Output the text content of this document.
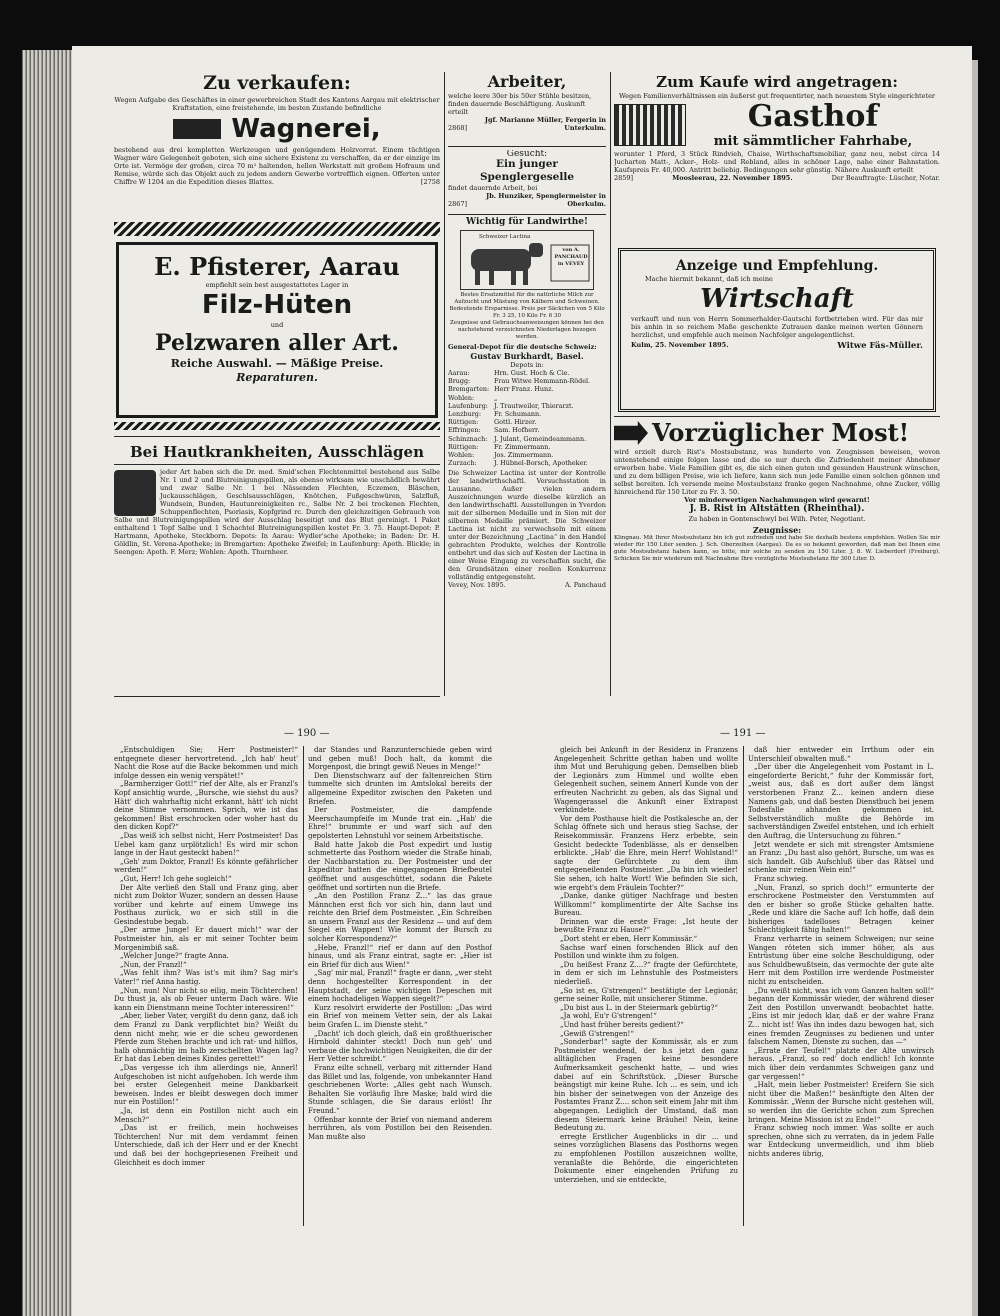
Zu verkaufen:
Wegen Aufgabe des Geschäftes in einer gewerbreichen Stadt des Kantons Aargau mit elektrischer Kraftstation, eine freistehende, im besten Zustande befindliche
Wagnerei,
bestehend aus drei kompletten Werkzeugen und genügendem Holzvorrat. Einem tüchtigen Wagner wäre Gelegenheit geboten, sich eine sichere Existenz zu verschaffen, da er der einzige im Orte ist. Vermöge der großen, circa 70 m² haltenden, hellen Werkstatt mit großem Hofraum und Remise, würde sich das Objekt auch zu jedem andern Gewerbe vortrefflich eignen. Offerten unter Chiffre W 1204 an die Expedition dieses Blattes.	[2758
E. Pfisterer, Aarau
empfiehlt sein best ausgestattetes Lager in
Filz-Hüten
und
Pelzwaren aller Art.
Reiche Auswahl. — Mäßige Preise.
Reparaturen.
Bei Hautkrankheiten, Ausschlägen
jeder Art haben sich die Dr. med. Smid'schen Flechtenmittel bestehend aus Salbe Nr. 1 und 2 und Blutreinigungspillen, als ebenso wirksam wie unschädlich bewährt und zwar Salbe Nr. 1 bei Nässenden Flechten, Eczemen, Bläschen, Juckausschlägen, Geschlsausschlägen, Knötchen, Fußgeschwüren, Salzfluß, Wundsein, Bunden, Hautunreinigkeiten rc., Salbe Nr. 2 bei trockenen Flechten, Schuppenflechten, Psoriasis, Kopfgrind rc. Durch den gleichzeitigen Gebrauch von Salbe und Blutreinigungspillen wird der Ausschlag beseitigt und das Blut gereinigt. 1 Paket enthaltend 1 Topf Salbe und 1 Schachtel Blutreinigungspillen kostet Fr. 3. 75. Haupt-Depot: P. Hartmann, Apotheke, Steckborn. Depots: In Aarau: Wydler'sche Apotheke; in Baden: Dr. H. Göldlin, St. Verena-Apotheke; in Bremgarten: Apotheke Zweifel; in Laufenburg: Apoth. Blickle; in Seengen: Apoth. F. Merz; Wohlen: Apoth. Thurnheer.
Arbeiter,
welche leere 30er bis 50er Stühle besitzen, finden dauernde Beschäftigung. Auskunft erteilt
Jgf. Marianne Müller, Fergerin in Unterkulm.
2868]
Gesucht:
Ein junger Spenglergeselle
findet dauernde Arbeit, bei
Jb. Hunziker, Spenglermeister in Oberkulm.
2867]
Wichtig für Landwirthe!
Schweizer Lactina
von A. PANCHAUD in VEVEY
Bestes Ersatzmittel für die natürliche Milch zur Aufzucht und Mästung von Kälbern und Schweinen.
Bedeutende Ersparnisse. Preis per Säckchen von 5 Kilo Fr. 3 25, 10 Kilo Fr. 6 30
Zeugnisse und Gebrauchsanweisungen können bei den nachstehend verzeichneten Niederlagen bezogen werden.
General-Depot für die deutsche Schweiz:
Gustav Burkhardt, Basel.
Depots in:
Aarau:	Hrn. Gust. Hoch & Cie.
Brugg:	Frau Witwe Hemmann-Rödel.
Bremgarten: Herr Franz. Hunz.
Wohlen:	„
Laufenburg: J. Trautweiler, Thierarzt.
Lenzburg:	Fr. Schumann.
Rüttigen:	Gottl. Hirzer.
Effringen:	Sam. Hofherr.
Schinznach:	J. Julant, Gemeindeammann.
Rüttigen:	Fr. Zimmermann.
Wohlen:	Jos. Zimmermann.
Zurzach:	J. Hübnel-Borsch, Apotheker.
Die Schweizer Lactina ist unter der Kontrolle der landwirthschaftl. Versuchsstation in Lausanne. Außer vielen andern Auszeichnungen wurde dieselbe kürzlich an den landwirthschaftl. Ausstellungen in Yverdon mit der silbernen Medaille und in Sion mit der silbernen Medaille prämiert. Die Schweizer Lactina ist nicht zu verwechseln mit einem unter der Bezeichnung „Lactina“ in den Handel gebrachten Produkte, welches der Kontrolle entbehrt und das sich auf Kosten der Lactina in einer Weise Eingang zu verschaffen sucht, die den Grundsätzen einer reellen Konkurrenz vollständig entgegensteht.
Vevey, Nov. 1895.	A. Panchaud
Zum Kaufe wird angetragen:
Wegen Familienverhältnissen ein äußerst gut frequentirter, nach neuestem Style eingerichteter
Gasthof
mit sämmtlicher Fahrhabe,
worunter 1 Pferd, 3 Stück Rindvieh, Chaise, Wirthschaftsmobiliar, ganz neu, nebst circa 14 Jucharten Matt-, Acker-, Holz- und Rebland, alles in schöner Lage, nahe einer Bahnstation. Kaufspreis Fr. 40,000. Antritt beliebig. Bedingungen sehr günstig. Nähere Auskunft erteilt
2859]	Moosleerau, 22. November 1895.	Der Beauftragte: Lüscher, Notar.
Anzeige und Empfehlung.
Mache hiermit bekannt, daß ich meine
Wirtschaft
verkauft und nun von Herrn Sommerhalder-Gautschi fortbetrieben wird. Für das mir bis anhin in so reichem Maße geschenkte Zutrauen danke meinen werten Gönnern herzlichst, und empfehle auch meinen Nachfolger angelegentlichst.
Kulm, 25. November 1895.	Witwe Fäs-Müller.
Vorzüglicher Most!
wird erzielt durch Rist's Mostsubstanz, was hunderte von Zeugnissen beweisen, wovon untenstehend einige folgen lasse und die so nur durch die Zufriedenheit meiner Abnehmer erworben habe. Viele Familien gibt es, die sich einen guten und gesunden Haustrunk wünschen, und zu dem billigen Preise, wie ich liefere, kann sich nun jede Familie einen solchen gönnen und selbst bereiten. Ich versende meine Mostsubstanz franko gegen Nachnahme, ohne Zucker, völlig hinreichend für 150 Liter zu Fr. 3. 50.
Vor minderwertigen Nachahmungen wird gewarnt!
J. B. Rist in Altstätten (Rheinthal).
Zu haben in Gontenschwyl bei Wilh. Peter, Negotiant.
Zeugnisse:
Klingnau. Mit Ihrer Mostsubstanz bin ich gut zufrieden und habe Sie deshalb bestens empfohlen. Wollen Sie mir wieder für 150 Liter senden. J. Sch. Oberzeihen (Aargau). Da es so bekannt geworden, daß man bei Ihnen eine gute Mostsubstanz haben kann, so bitte, mir solche zu senden zu 150 Liter. J. 8. W. Lieberdorf (Freiburg). Schicken Sie mir wiederum mit Nachnahme Ihre vorzügliche Mostsubstanz für 300 Liter. D.
— 190 —	— 191 —

„Entschuldigen Sie; Herr Postmeister!“ entgegnete dieser hervortretend. „Ich hab' heut' Nacht die Rose auf die Backe bekommen und mich infolge dessen ein wenig verspätet!“

„Barmherziger Gott!“ rief der Alte, als er Franzl's Kopf ansichtig wurde, „Bursche, wie siehst du aus? Hätt' dich wahrhaftig nicht erkannt, hätt' ich nicht deine Stimme vernommen. Sprich, wie ist das gekommen! Bist erschrocken oder woher hast du den dicken Kopf?“

„Das weiß ich selbst nicht, Herr Postmeister! Das Uebel kam ganz urplötzlich! Es wird mir schon lange in der Haut gesteckt haben!“

„Geh' zum Doktor, Franzl! Es könnte gefährlicher werden!“

„Gut, Herr! Ich gehe sogleich!“

Der Alte verließ den Stall und Franz ging, aber nicht zum Doktor Wuzer, sondern an dessen Hause vorüber und kehrte auf einem Umwege ins Posthaus zurück, wo er sich still in die Gesindestube begab.

„Der arme Junge! Er dauert mich!“ war der Postmeister hin, als er mit seiner Tochter beim Morgenimbiß saß.

„Welcher Junge?“ fragte Anna.

„Nun, der Franzl!“

„Was fehlt ihm? Was ist's mit ihm? Sag mir's Vater!“ rief Anna hastig.

„Nun, nun! Nur nicht so eilig, mein Töchterchen! Du thust ja, als ob Feuer unterm Dach wäre. Wie kann ein Dienstmann meine Tochter interessiren!“

„Aber, lieber Vater, vergißt du denn ganz, daß ich dem Franzl zu Dank verpflichtet bin? Weißt du denn nicht mehr, wie er die scheu gewordenen Pferde zum Stehen brachte und ich rat- und hilflos, halb ohnmächtig im halb zerschellten Wagen lag? Er hat das Leben deines Kindes gerettet!“

„Das vergesse ich ihm allerdings nie, Annerl! Aufgeschoben ist nicht aufgehoben. Ich werde ihm bei erster Gelegenheit meine Dankbarkeit beweisen. Indes er bleibt deswegen doch immer nur ein Postillon!“

„Ja, ist denn ein Postillon nicht auch ein Mensch?“

„Das ist er freilich, mein hochweises Töchterchen! Nur mit dem verdammt feinen Unterschiede, daß ich der Herr und er der Knecht und daß bei der hochgepriesenen Freiheit und Gleichheit es doch immer

dar Standes und Ranzunterschiede geben wird und geben muß! Doch halt, da kommt die Morgenpost, die bringt gewiß Neues in Menge!“

Den Dienstschwarz auf der faltenreichen Stirn tummelte sich drunten im Amtslokal bereits der allgemeine Expeditor zwischen den Paketen und Briefen.

Der Postmeister, die dampfende Meerschaumpfeife im Munde trat ein. „Hab' die Ehre!“ brummte er und warf sich auf den gepolsterten Lehnstuhl vor seinem Arbeitstische.

Bald hatte Jakob die Post expedirt und lustig schmetterte das Posthorn wieder die Straße hinab, der Nachbarstation zu. Der Postmeister und der Expeditor hatten die eingegangenen Briefbeutel geöffnet und ausgeschüttet, sodann die Pakete geöffnet und sortirten nun die Briefe.

„An den Postillon Franz Z...“ las das graue Männchen erst fich vor sich hin, dann laut und reichte den Brief dem Postmeister. „Ein Schreiben an unsern Franzl aus der Residenz — und auf dem Siegel ein Wappen! Wie kommt der Bursch zu solcher Korrespondenz?“

„Hebe, Franzl!“ rief er dann auf den Posthof hinaus, und als Franz eintrat, sagte er: „Hier ist ein Brief für dich aus Wien!“

„Sag' mir mal, Franzl!“ fragte er dann, „wer steht denn hochgestellter Korrespondent in der Hauptstadt, der seine wichtigen Depeschen mit einem hochadeligen Wappen siegelt?“

Kurz resolvirt erwiderte der Postillon: „Das wird ein Brief von meinem Vetter sein, der als Lakai beim Grafen L. im Dienste steht.“

„Dacht' ich doch gleich, daß ein großthuerischer Hirnbold dahinter steckt! Doch nun geh' und verbaue die hochwichtigen Neuigkeiten, die dir der Herr Vetter schreibt.“

Franz eilte schnell, verbarg mit zitternder Hand das Billet und las, folgende, von unbekannter Hand geschriebenen Worte: „Alles geht nach Wunsch. Behalten Sie vorläufig Ihre Maske; bald wird die Stunde schlagen, die Sie daraus erlöst! Ihr Freund.“

Offenbar konnte der Brief von niemand anderem herrühren, als vom Postillon bei den Reisenden. Man mußte also

gleich bei Ankunft in der Residenz in Franzens Angelegenheit Schritte gethan haben und wollte ihm Mut und Beruhigung geben. Demselben blieb der Legionärs zum Himmel und wollte eben Gelegenheit suchen, seinem Annerl Kunde von der erfreuten Nachricht zu geben, als das Signal und Wagengerassel die Ankunft einer Extrapost verkündete.

Vor dem Posthause hielt die Postkalesche an, der Schlag öffnete sich und heraus stieg Sachse, der Reisekommissär. Franzens Herz erbebte, sein Gesicht bedeckte Todenblässe, als er denselben erblickte. „Hab' die Ehre, mein Herr! Wohlstand!“ sagte der Gefürchtete zu dem ihm entgegeneilenden Postmeister. „Da bin ich wieder! Sie sehen, ich halte Wort! Wie befinden Sie sich, wie ergeht's dem Fräulein Tochter?“

„Danke, danke gütiger Nachfrage und besten Willkomm!“ komplimentirte der Alte Sachse ins Bureau.

Drinnen war die erste Frage: „Ist heute der bewußte Franz zu Hause?“

„Dort steht er eben, Herr Kommissär.“

Sachse warf einen forschenden Blick auf den Postillon und winkte ihm zu folgen.

„Du heißest Franz Z....?“ fragte der Gefürchtete, in dem er sich im Lehnstuhle des Postmeisters niederließ.

„So ist es, G'strengen!“ bestätigte der Legionär, gerne seiner Rolle, mit unsicherer Stimme.

„Du bist aus L. in der Steiermark gebürtig?“

„Ja wohl, Eu'r G'strengen!“

„Und hast früher bereits gedient?“

„Gewiß G'strengen!“

„Sonderbar!“ sagte der Kommissär, als er zum Postmeister wendend, der b.s jetzt den ganz alltäglichen Fragen keine besondere Aufmerksamkeit geschenkt hatte, — und wies dabei auf ein Schriftstück. „Dieser Bursche beängstigt mir keine Ruhe. Ich ... es sein, und ich bin bisher der seinetwegen von der Anzeige des Postamtes Franz Z.... schon seit einem Jahr mit ihm abgegangen. Lediglich der Umstand, daß man diesem Steiermark keine Bräuhei! Nein, keine Bedeutung zu.

erregte Erstlicher Augenblicks in dir ... und seines vorzüglichen Blasens das Posthorns wegen zu empfohlenen Postillon auszeichnen wollte, veranlaßte die Behörde, die eingerichteten Dokumente einer eingehenden Prüfung zu unterziehen, und sie entdeckte,

daß hier entweder ein Irrthum oder ein Unterschleif obwalten muß.“

„Der über die Angelegenheit vom Postamt in L. eingeforderte Bericht,“ fuhr der Kommissär fort, „weist aus, daß es dort außer dem längst verstorbenen Franz Z... keinen andern diese Namens gab, und daß besten Dienstbuch bei jenem Todesfalle abhanden gekommen ist. Selbstverständlich mußte die Behörde im sachverständigen Zweifel entstehen, und ich erhielt den Auftrag, die Untersuchung zu führen.“

Jetzt wendete er sich mit strengster Amtsmiene an Franz: „Du hast also gehört, Bursche, um was es sich handelt. Gib Aufschluß über das Rätsel und schenke mir reinen Wein ein!“

Franz schwieg.

„Nun, Franzl, so sprich doch!“ ermunterte der erschrockene Postmeister den Verstummten auf den er bisher so große Stücke gehalten hatte. „Rede und kläre die Sache auf! Ich hoffe, daß dein bisheriges tadelloses Betragen keiner Schlechtigkeit fähig halten!“

Franz verharrte in seinem Schweigen; nur seine Wangen röteten sich immer höher, als aus Entrüstung über eine solche Beschuldigung, oder aus Schuldbewußtsein, das vermochte der gute alte Herr mit dem Postillon irre werdende Postmeister nicht zu entscheiden.

„Du weißt nicht, was ich vom Ganzen halten soll!“ begann der Kommissär wieder, der während dieser Zeit den Postillon unverwandt beobachtet hatte. „Eins ist mir jedoch klar, daß er der wahre Franz Z... nicht ist! Was ihn indes dazu bewogen hat, sich eines fremden Zeugnisses zu bedienen und unter falschem Namen, Dienste zu suchen, das —“

„Errate der Teufel!“ platzte der Alte unwirsch heraus. „Franzl, so red' doch endlich! Ich konnte mich über dein verdammtes Schweigen ganz und gar vergessen!“

„Halt, mein lieber Postmeister! Ereifern Sie sich nicht über die Maßen!“ besänftigte den Alten der Kommissär. „Wenn der Bursche nicht gestehen will, so werden ihn die Gerichte schon zum Sprechen bringen. Meine Mission ist zu Ende!“

Franz schwieg noch immer. Was sollte er auch sprechen, ohne sich zu verraten, da in jedem Falle war Entdeckung unvermeidlich, und ihm blieb nichts anderes übrig,
